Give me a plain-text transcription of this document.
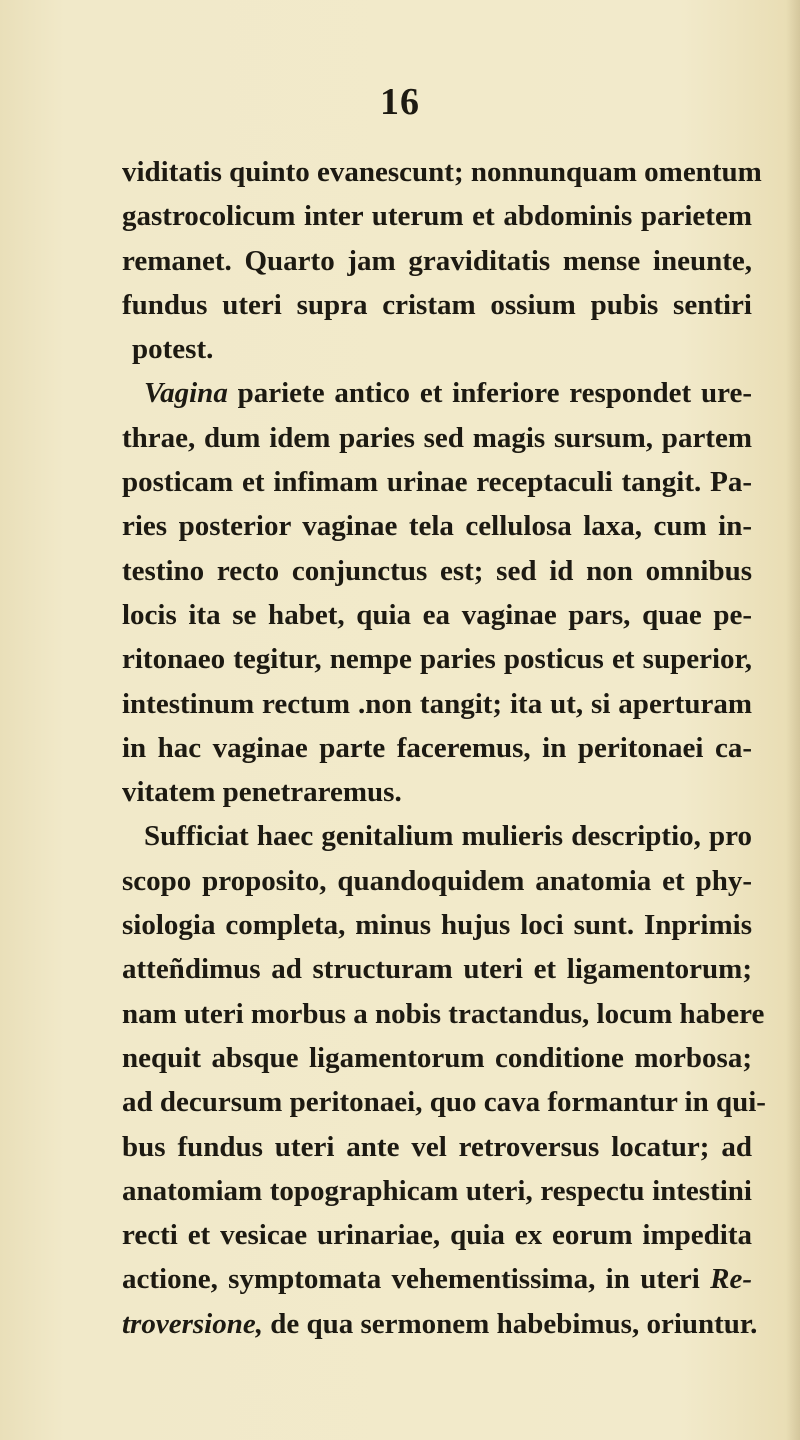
16
viditatis quinto evanescunt; nonnunquam omentum
gastrocolicum inter uterum et abdominis parietem
remanet. Quarto jam graviditatis mense ineunte,
fundus uteri supra cristam ossium pubis sentiri
potest.
Vagina pariete antico et inferiore respondet ure-
thrae, dum idem paries sed magis sursum, partem
posticam et infimam urinae receptaculi tangit. Pa-
ries posterior vaginae tela cellulosa laxa, cum in-
testino recto conjunctus est; sed id non omnibus
locis ita se habet, quia ea vaginae pars, quae pe-
ritonaeo tegitur, nempe paries posticus et superior,
intestinum rectum .non tangit; ita ut, si aperturam
in hac vaginae parte faceremus, in peritonaei ca-
vitatem penetraremus.
Sufficiat haec genitalium mulieris descriptio, pro
scopo proposito, quandoquidem anatomia et phy-
siologia completa, minus hujus loci sunt. Inprimis
atteñdimus ad structuram uteri et ligamentorum;
nam uteri morbus a nobis tractandus, locum habere
nequit absque ligamentorum conditione morbosa;
ad decursum peritonaei, quo cava formantur in qui-
bus fundus uteri ante vel retroversus locatur; ad
anatomiam topographicam uteri, respectu intestini
recti et vesicae urinariae, quia ex eorum impedita
actione, symptomata vehementissima, in uteri Re-
troversione, de qua sermonem habebimus, oriuntur.
